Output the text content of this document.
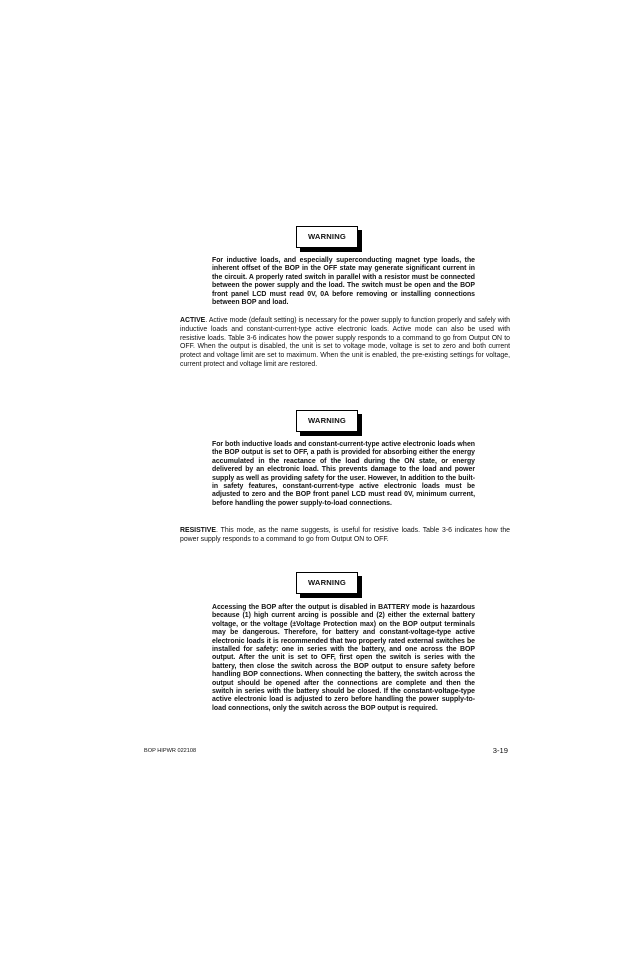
WARNING

For inductive loads, and especially superconducting magnet type loads, the inherent offset of the BOP in the OFF state may generate significant current in the circuit. A properly rated switch in parallel with a resistor must be connected between the power supply and the load. The switch must be open and the BOP front panel LCD must read 0V, 0A before removing or installing connections between BOP and load.

ACTIVE. Active mode (default setting) is necessary for the power supply to function properly and safely with inductive loads and constant-current-type active electronic loads. Active mode can also be used with resistive loads. Table 3-6 indicates how the power supply responds to a command to go from Output ON to OFF. When the output is disabled, the unit is set to voltage mode, voltage is set to zero and both current protect and voltage limit are set to maximum. When the unit is enabled, the pre-existing settings for voltage, current protect and voltage limit are restored.

WARNING

For both inductive loads and constant-current-type active electronic loads when the BOP output is set to OFF, a path is provided for absorbing either the energy accumulated in the reactance of the load during the ON state, or energy delivered by an electronic load. This prevents damage to the load and power supply as well as providing safety for the user. However, In addition to the built-in safety features, constant-current-type active electronic loads must be adjusted to zero and the BOP front panel LCD must read 0V, minimum current, before handling the power supply-to-load connections.

RESISTIVE. This mode, as the name suggests, is useful for resistive loads. Table 3-6 indicates how the power supply responds to a command to go from Output ON to OFF.

WARNING

Accessing the BOP after the output is disabled in BATTERY mode is hazardous because (1) high current arcing is possible and (2) either the external battery voltage, or the voltage (±Voltage Protection max) on the BOP output terminals may be dangerous. Therefore, for battery and constant-voltage-type active electronic loads it is recommended that two properly rated external switches be installed for safety: one in series with the battery, and one across the BOP output. After the unit is set to OFF, first open the switch is series with the battery, then close the switch across the BOP output to ensure safety before handling BOP connections. When connecting the battery, the switch across the output should be opened after the connections are complete and then the switch in series with the battery should be closed. If the constant-voltage-type active electronic load is adjusted to zero before handling the power supply-to-load connections, only the switch across the BOP output is required.

BOP HIPWR 022108	3-19
